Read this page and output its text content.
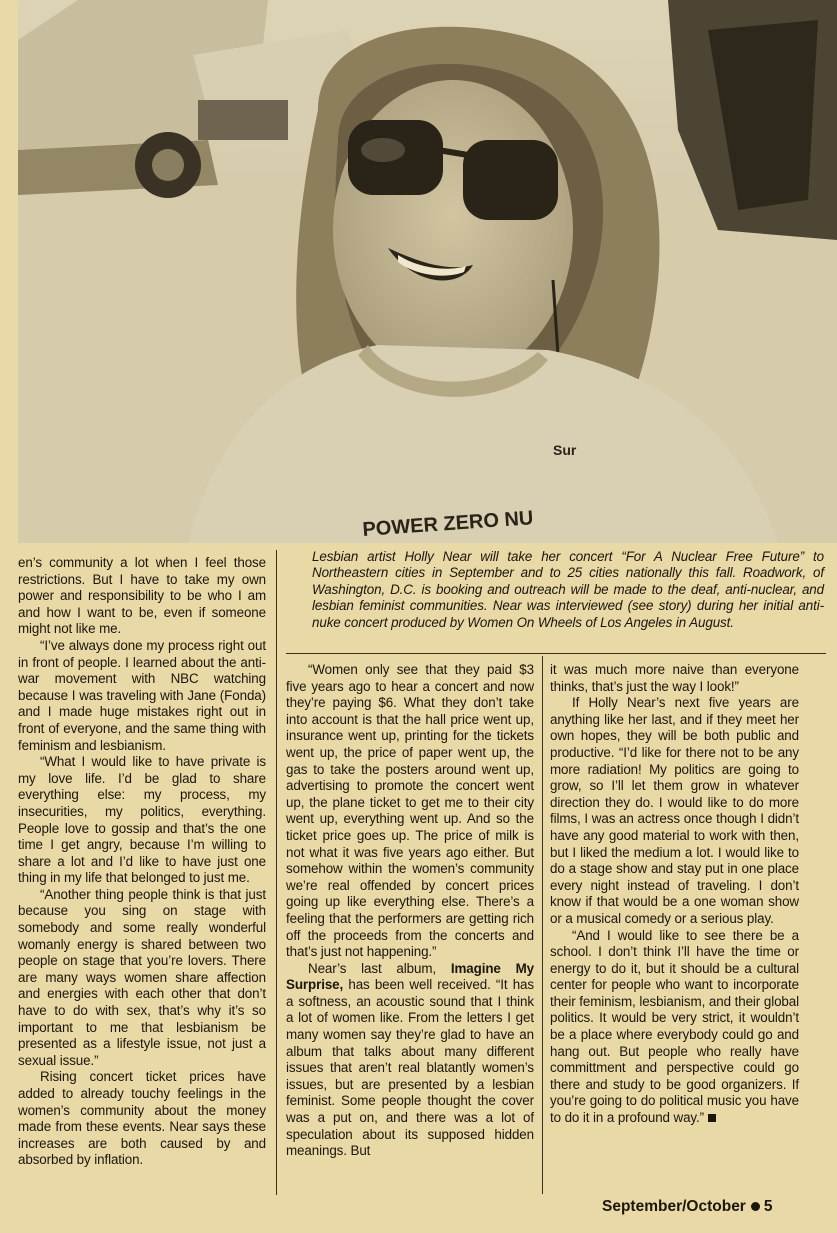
POWER ZERO NU
Sur
Lesbian artist Holly Near will take her concert “For A Nuclear Free Future” to Northeastern cities in September and to 25 cities nationally this fall. Roadwork, of Washington, D.C. is booking and outreach will be made to the deaf, anti-nuclear, and lesbian feminist communities. Near was interviewed (see story) during her initial anti-nuke concert produced by Women On Wheels of Los Angeles in August.

en’s community a lot when I feel those restrictions. But I have to take my own power and responsibility to be who I am and how I want to be, even if someone might not like me.

“I’ve always done my process right out in front of people. I learned about the anti-war movement with NBC watching because I was traveling with Jane (Fonda) and I made huge mistakes right out in front of everyone, and the same thing with feminism and lesbianism.

“What I would like to have private is my love life. I’d be glad to share everything else: my process, my insecurities, my politics, everything. People love to gossip and that’s the one time I get angry, because I’m willing to share a lot and I’d like to have just one thing in my life that belonged to just me.

“Another thing people think is that just because you sing on stage with somebody and some really wonderful womanly energy is shared between two people on stage that you’re lovers. There are many ways women share affection and energies with each other that don’t have to do with sex, that’s why it’s so important to me that lesbianism be presented as a lifestyle issue, not just a sexual issue.”

Rising concert ticket prices have added to already touchy feelings in the women’s community about the money made from these events. Near says these increases are both caused by and absorbed by inflation.

“Women only see that they paid $3 five years ago to hear a concert and now they’re paying $6. What they don’t take into account is that the hall price went up, insurance went up, printing for the tickets went up, the price of paper went up, the gas to take the posters around went up, advertising to promote the concert went up, the plane ticket to get me to their city went up, everything went up. And so the ticket price goes up. The price of milk is not what it was five years ago either. But somehow within the women’s community we’re real offended by concert prices going up like everything else. There’s a feeling that the performers are getting rich off the proceeds from the concerts and that’s just not happening.”

Near’s last album, Imagine My Surprise, has been well received. “It has a softness, an acoustic sound that I think a lot of women like. From the letters I get many women say they’re glad to have an album that talks about many different issues that aren’t real blatantly women’s issues, but are presented by a lesbian feminist. Some people thought the cover was a put on, and there was a lot of speculation about its supposed hidden meanings. But

it was much more naive than everyone thinks, that’s just the way I look!”

If Holly Near’s next five years are anything like her last, and if they meet her own hopes, they will be both public and productive. “I’d like for there not to be any more radiation! My politics are going to grow, so I’ll let them grow in whatever direction they do. I would like to do more films, I was an actress once though I didn’t have any good material to work with then, but I liked the medium a lot. I would like to do a stage show and stay put in one place every night instead of traveling. I don’t know if that would be a one woman show or a musical comedy or a serious play.

“And I would like to see there be a school. I don’t think I’ll have the time or energy to do it, but it should be a cultural center for people who want to incorporate their feminism, lesbianism, and their global politics. It would be very strict, it wouldn’t be a place where everybody could go and hang out. But people who really have committment and perspective could go there and study to be good organizers. If you’re going to do political music you have to do it in a profound way.”

September/October 5
